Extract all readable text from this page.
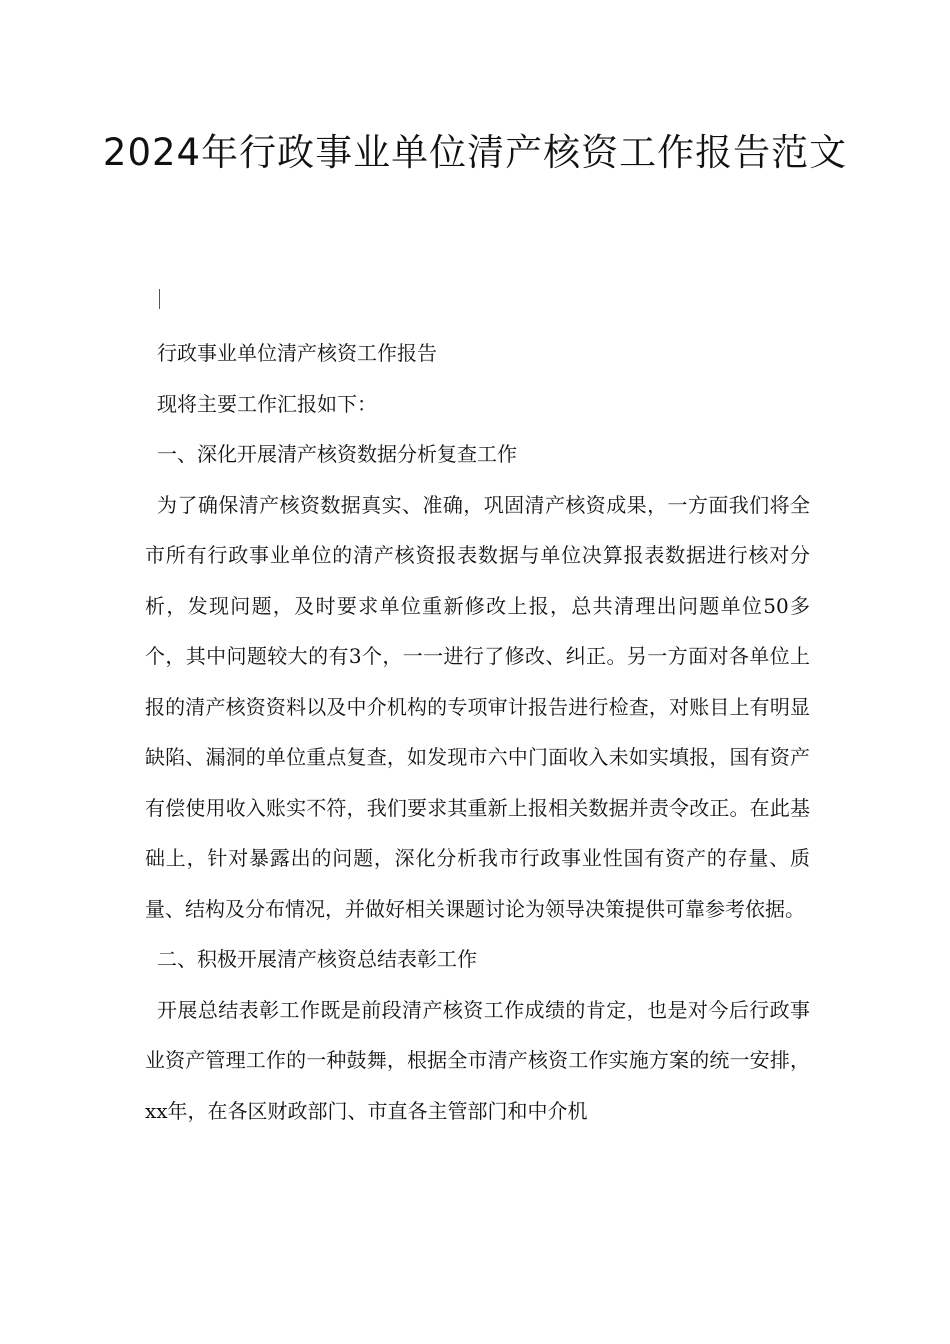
2024年行政事业单位清产核资工作报告范文

行政事业单位清产核资工作报告

现将主要工作汇报如下：

一、深化开展清产核资数据分析复查工作

为了确保清产核资数据真实、准确，巩固清产核资成果，一方面我们将全市所有行政事业单位的清产核资报表数据与单位决算报表数据进行核对分析，发现问题，及时要求单位重新修改上报，总共清理出问题单位50多个，其中问题较大的有3个，一一进行了修改、纠正。另一方面对各单位上报的清产核资资料以及中介机构的专项审计报告进行检查，对账目上有明显缺陷、漏洞的单位重点复查，如发现市六中门面收入未如实填报，国有资产有偿使用收入账实不符，我们要求其重新上报相关数据并责令改正。在此基础上，针对暴露出的问题，深化分析我市行政事业性国有资产的存量、质量、结构及分布情况，并做好相关课题讨论为领导决策提供可靠参考依据。

二、积极开展清产核资总结表彰工作

开展总结表彰工作既是前段清产核资工作成绩的肯定，也是对今后行政事业资产管理工作的一种鼓舞，根据全市清产核资工作实施方案的统一安排，xx年，在各区财政部门、市直各主管部门和中介机
